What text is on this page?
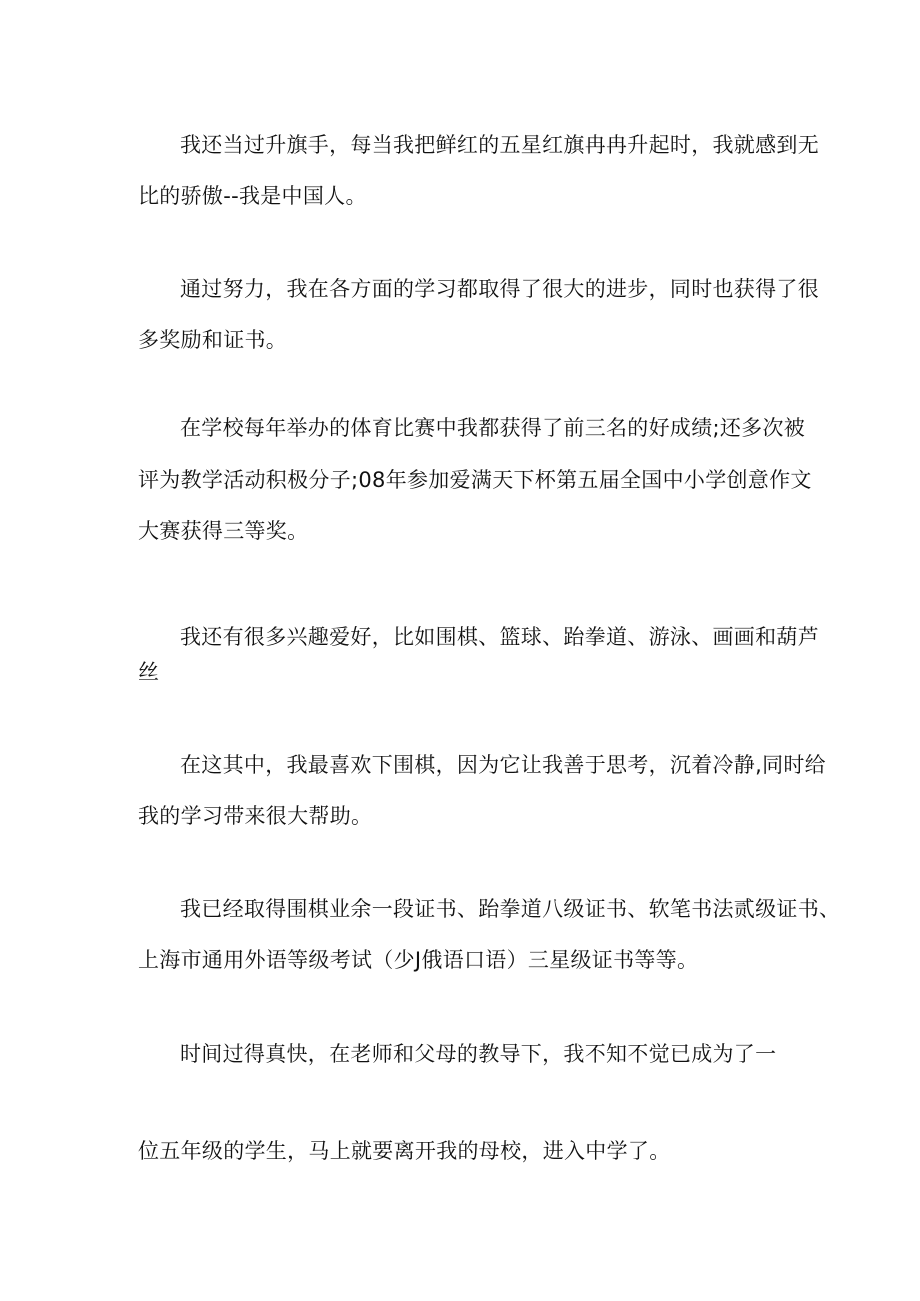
我还当过升旗手，每当我把鲜红的五星红旗冉冉升起时，我就感到无
比的骄傲--我是中国人。
通过努力，我在各方面的学习都取得了很大的进步，同时也获得了很
多奖励和证书。
在学校每年举办的体育比赛中我都获得了前三名的好成绩;还多次被
评为教学活动积极分子;08年参加爱满天下杯第五届全国中小学创意作文
大赛获得三等奖。
我还有很多兴趣爱好，比如围棋、篮球、跆拳道、游泳、画画和葫芦
丝
在这其中，我最喜欢下围棋，因为它让我善于思考，沉着冷静,同时给
我的学习带来很大帮助。
我已经取得围棋业余一段证书、跆拳道八级证书、软笔书法贰级证书、
上海市通用外语等级考试（少J俄语口语）三星级证书等等。
时间过得真快，在老师和父母的教导下，我不知不觉已成为了一
位五年级的学生，马上就要离开我的母校，进入中学了。
